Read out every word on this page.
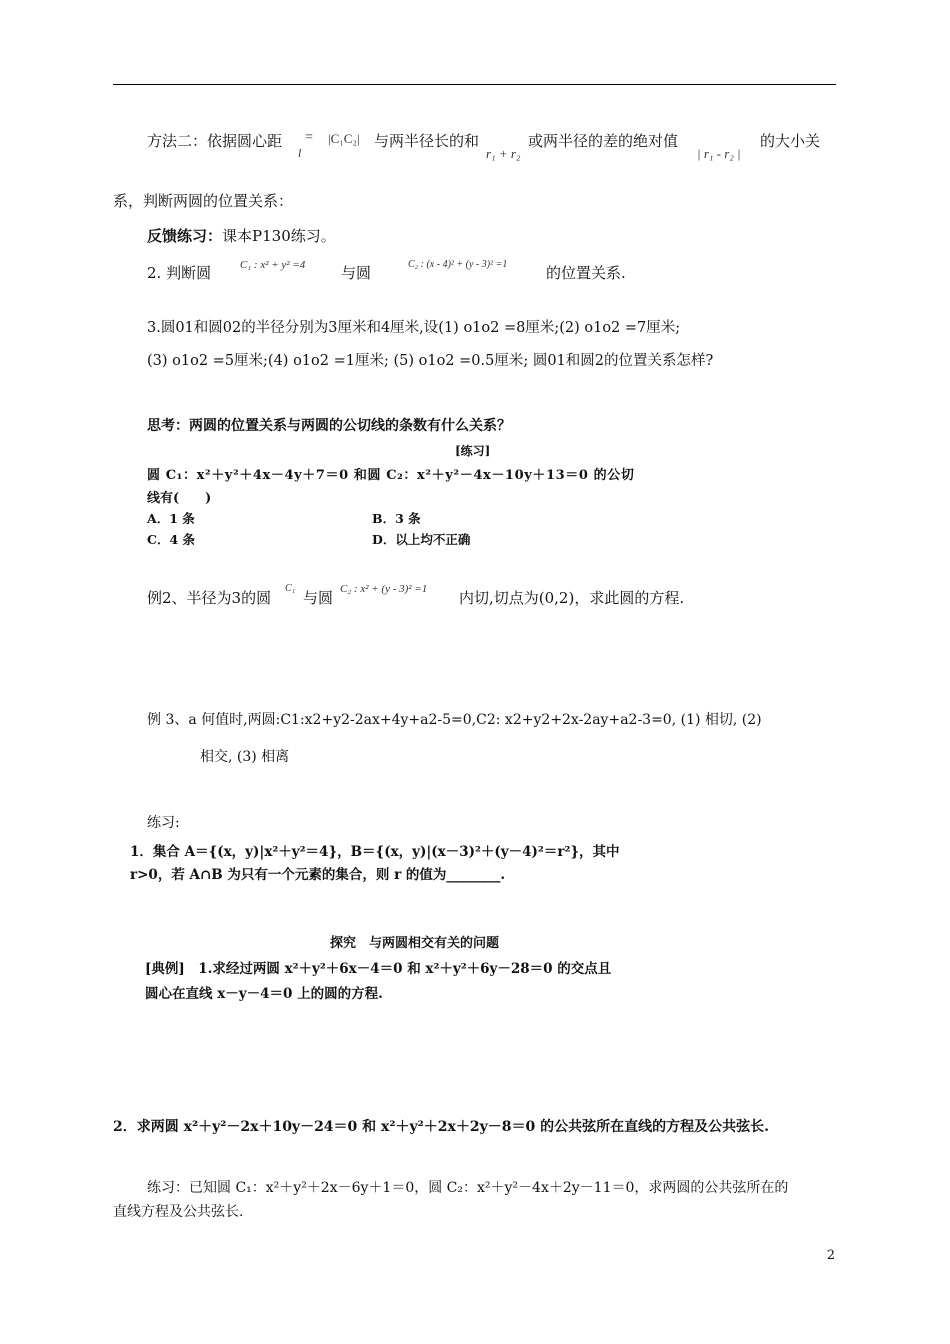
方法二：依据圆心距
l
= |C₁C₂| 与两半径长的和
r₁ + r₂
或两半径的差的绝对值
| r₁ - r₂ |
的大小关
系，判断两圆的位置关系：
反馈练习：课本P130练习。
2. 判断圆	C₁ : x² + y² =4 与圆	C₂ : (x - 4)² + (y - 3)² =1	的位置关系.
3.圆01和圆02的半径分别为3厘米和4厘米,设(1) o1o2 =8厘米;(2) o1o2 =7厘米;
(3) o1o2 =5厘米;(4) o1o2 =1厘米; (5) o1o2 =0.5厘米; 圆01和圆2的位置关系怎样?
思考：两圆的位置关系与两圆的公切线的条数有什么关系？
[练习]
圆 C₁：x²＋y²＋4x－4y＋7＝0 和圆 C₂：x²＋y²－4x－10y＋13＝0 的公切
线有(　　)
A．1 条	B．3 条
C．4 条	D．以上均不正确
例2、半径为3的圆
C₁
与圆 C₂ : x² + (y - 3)² =1 内切,切点为(0,2)，求此圆的方程.
例 3、a 何值时,两圆:C1:x2+y2-2ax+4y+a2-5=0,C2: x2+y2+2x-2ay+a2-3=0, (1) 相切, (2)
相交, (3) 相离
练习:
1．集合 A＝{(x，y)|x²＋y²＝4}，B＝{(x，y)|(x－3)²＋(y－4)²＝r²}，其中
r>0，若 A∩B 为只有一个元素的集合，则 r 的值为________.
探究　与两圆相交有关的问题
[典例]　1.求经过两圆 x²＋y²＋6x－4＝0 和 x²＋y²＋6y－28＝0 的交点且
圆心在直线 x－y－4＝0 上的圆的方程.
2．求两圆 x²＋y²－2x＋10y－24＝0 和 x²＋y²＋2x＋2y－8＝0 的公共弦所在直线的方程及公共弦长.
练习：已知圆 C₁：x²＋y²＋2x－6y＋1＝0，圆 C₂：x²＋y²－4x＋2y－11＝0，求两圆的公共弦所在的
直线方程及公共弦长.
2
